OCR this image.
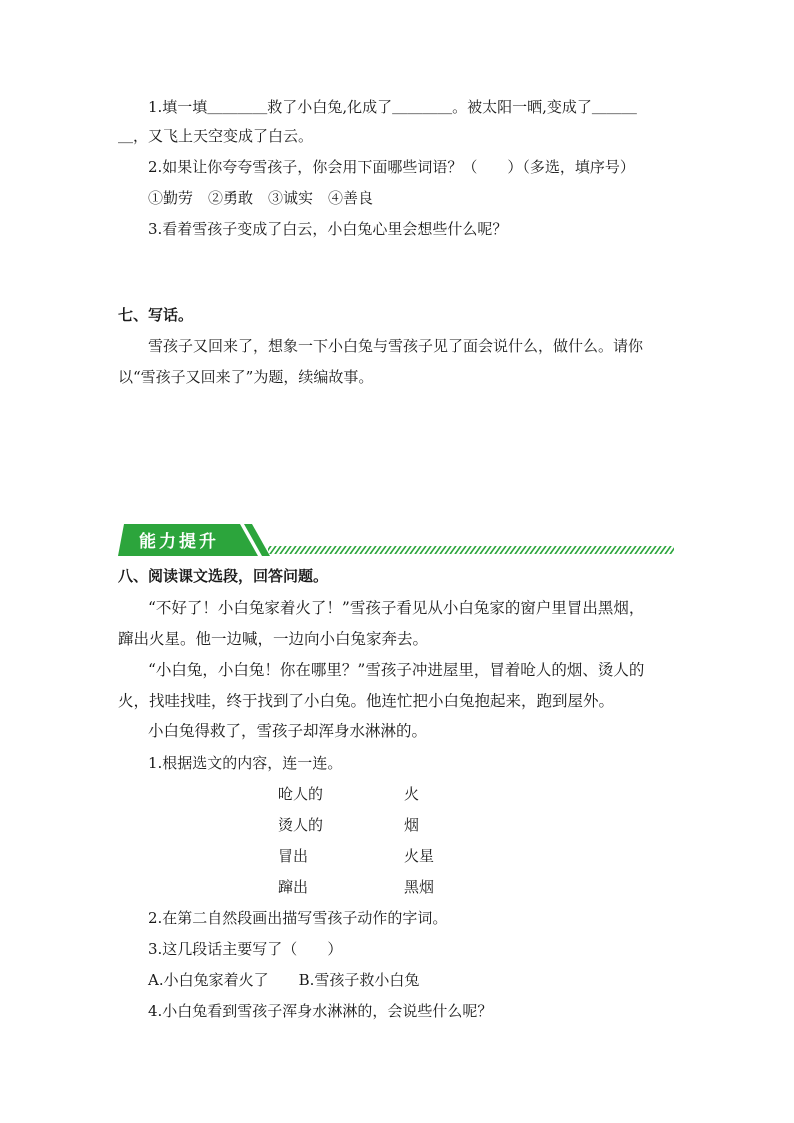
1.填一填＿＿＿＿救了小白兔,化成了＿＿＿＿。被太阳一晒,变成了＿＿＿
＿，又飞上天空变成了白云。
2.如果让你夸夸雪孩子，你会用下面哪些词语？（　　）（多选，填序号）
①勤劳　②勇敢　③诚实　④善良
3.看着雪孩子变成了白云，小白兔心里会想些什么呢？
七、写话。
雪孩子又回来了，想象一下小白兔与雪孩子见了面会说什么，做什么。请你
以“雪孩子又回来了”为题，续编故事。
能力提升
八、阅读课文选段，回答问题。
“不好了！小白兔家着火了！”雪孩子看见从小白兔家的窗户里冒出黑烟，
蹿出火星。他一边喊，一边向小白兔家奔去。
“小白兔，小白兔！你在哪里？”雪孩子冲进屋里，冒着呛人的烟、烫人的
火，找哇找哇，终于找到了小白兔。他连忙把小白兔抱起来，跑到屋外。
小白兔得救了，雪孩子却浑身水淋淋的。
1.根据选文的内容，连一连。
呛人的	火
烫人的	烟
冒出	火星
蹿出	黑烟
2.在第二自然段画出描写雪孩子动作的字词。
3.这几段话主要写了（　　）
A.小白兔家着火了　　B.雪孩子救小白兔
4.小白兔看到雪孩子浑身水淋淋的，会说些什么呢？
